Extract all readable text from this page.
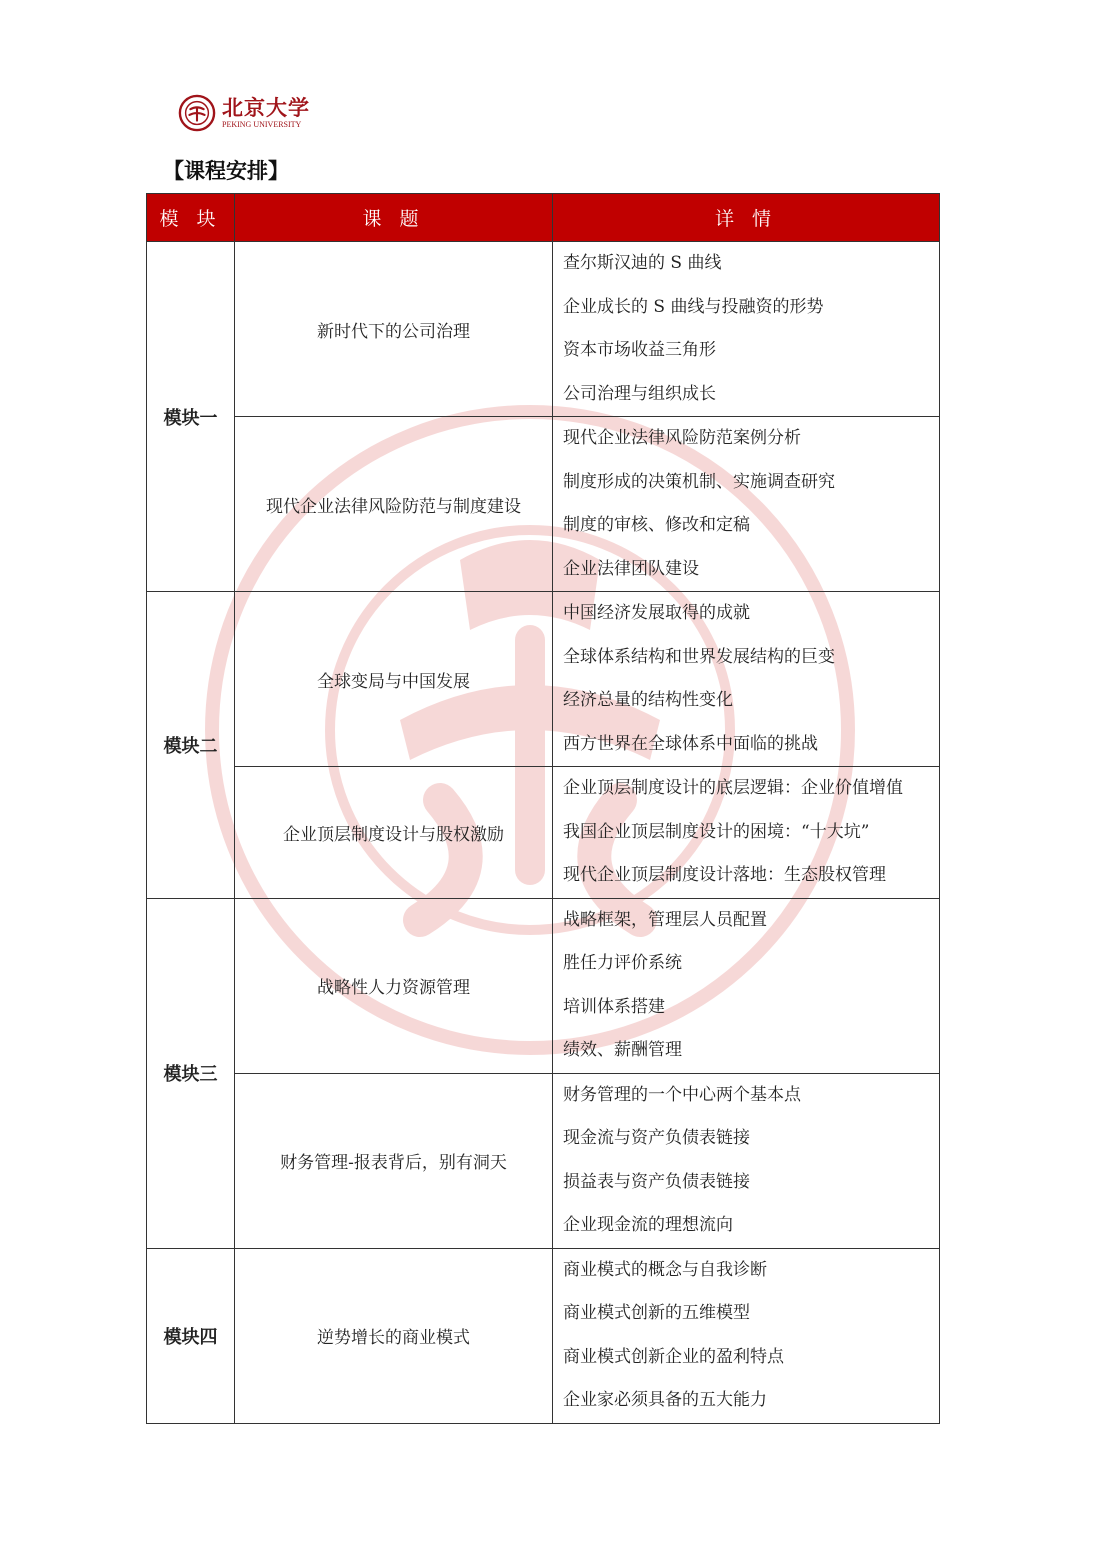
北京大学
PEKING UNIVERSITY
【课程安排】
模 块	课 题	详 情
模块一	新时代下的公司治理	查尔斯汉迪的 S 曲线
企业成长的 S 曲线与投融资的形势
资本市场收益三角形
公司治理与组织成长

	现代企业法律风险防范与制度建设	现代企业法律风险防范案例分析
制度形成的决策机制、实施调查研究
制度的审核、修改和定稿
企业法律团队建设

模块二	全球变局与中国发展	中国经济发展取得的成就
全球体系结构和世界发展结构的巨变
经济总量的结构性变化
西方世界在全球体系中面临的挑战

	企业顶层制度设计与股权激励	企业顶层制度设计的底层逻辑：企业价值增值
我国企业顶层制度设计的困境：“十大坑”
现代企业顶层制度设计落地：生态股权管理

模块三	战略性人力资源管理	战略框架，管理层人员配置
胜任力评价系统
培训体系搭建
绩效、薪酬管理

	财务管理-报表背后，别有洞天	财务管理的一个中心两个基本点
现金流与资产负债表链接
损益表与资产负债表链接
企业现金流的理想流向

模块四	逆势增长的商业模式	商业模式的概念与自我诊断
商业模式创新的五维模型
商业模式创新企业的盈利特点
企业家必须具备的五大能力
